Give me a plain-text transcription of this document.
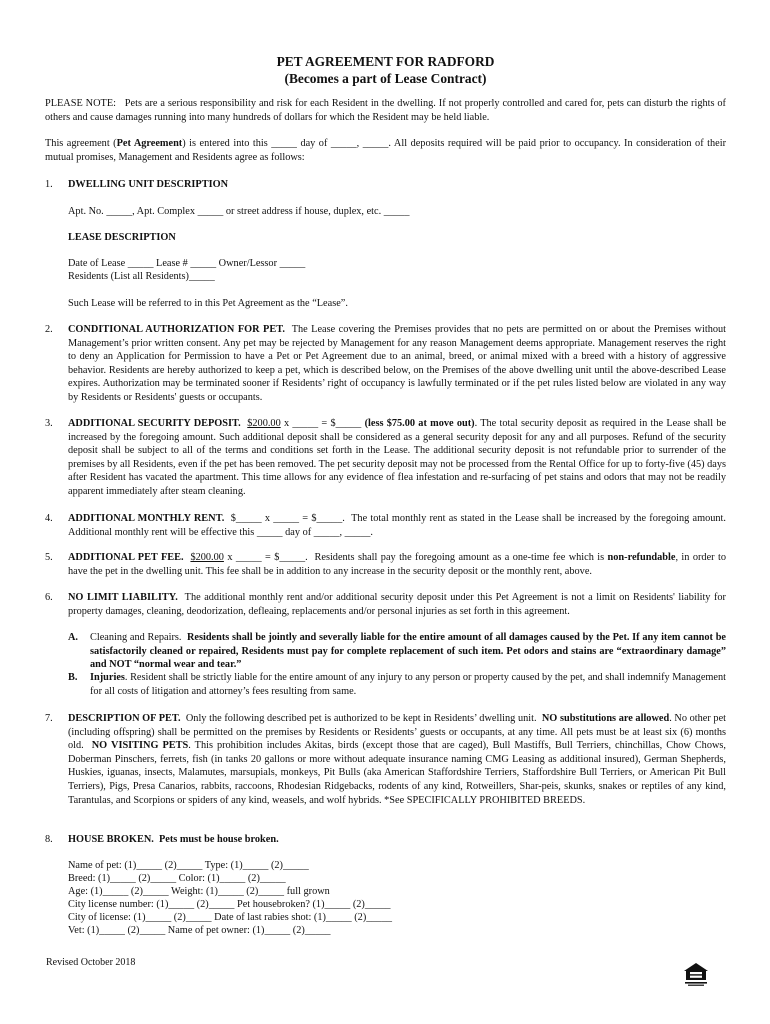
PET AGREEMENT FOR RADFORD
(Becomes a part of Lease Contract)
PLEASE NOTE: Pets are a serious responsibility and risk for each Resident in the dwelling. If not properly controlled and cared for, pets can disturb the rights of others and cause damages running into many hundreds of dollars for which the Resident may be held liable.
This agreement (Pet Agreement) is entered into this _____ day of _____, _____. All deposits required will be paid prior to occupancy. In consideration of their mutual promises, Management and Residents agree as follows:
1.	DWELLING UNIT DESCRIPTION
Apt. No. _____, Apt. Complex _____ or street address if house, duplex, etc. _____
LEASE DESCRIPTION
Date of Lease _____ Lease # _____ Owner/Lessor _____
Residents (List all Residents)_____
Such Lease will be referred to in this Pet Agreement as the “Lease”.
2.	CONDITIONAL AUTHORIZATION FOR PET. The Lease covering the Premises provides that no pets are permitted on or about the Premises without Management’s prior written consent. Any pet may be rejected by Management for any reason Management deems appropriate. Management reserves the right to deny an Application for Permission to have a Pet or Pet Agreement due to an animal, breed, or animal mixed with a breed with a history of aggressive behavior. Residents are hereby authorized to keep a pet, which is described below, on the Premises of the above dwelling unit until the above-described Lease expires. Authorization may be terminated sooner if Residents’ right of occupancy is lawfully terminated or if the pet rules listed below are violated in any way by Residents or Residents' guests or occupants.
3.	ADDITIONAL SECURITY DEPOSIT. $200.00 x _____ = $_____ (less $75.00 at move out). The total security deposit as required in the Lease shall be increased by the foregoing amount. Such additional deposit shall be considered as a general security deposit for any and all purposes. Refund of the security deposit shall be subject to all of the terms and conditions set forth in the Lease. The additional security deposit is not refundable prior to surrender of the premises by all Residents, even if the pet has been removed. The pet security deposit may not be processed from the Rental Office for up to forty-five (45) days after Resident has vacated the apartment. This time allows for any evidence of flea infestation and re-surfacing of pet stains and odors that may not be readily apparent immediately after steam cleaning.
4.	ADDITIONAL MONTHLY RENT. $_____ x _____ = $_____. The total monthly rent as stated in the Lease shall be increased by the foregoing amount. Additional monthly rent will be effective this _____ day of _____, _____.
5.	ADDITIONAL PET FEE. $200.00 x _____ = $_____. Residents shall pay the foregoing amount as a one-time fee which is non-refundable, in order to have the pet in the dwelling unit. This fee shall be in addition to any increase in the security deposit or the monthly rent, above.
6.	NO LIMIT LIABILITY. The additional monthly rent and/or additional security deposit under this Pet Agreement is not a limit on Residents' liability for property damages, cleaning, deodorization, defleaing, replacements and/or personal injuries as set forth in this agreement.
A.	Cleaning and Repairs. Residents shall be jointly and severally liable for the entire amount of all damages caused by the Pet. If any item cannot be satisfactorily cleaned or repaired, Residents must pay for complete replacement of such item. Pet odors and stains are “extraordinary damage” and NOT “normal wear and tear.”
B.	Injuries. Resident shall be strictly liable for the entire amount of any injury to any person or property caused by the pet, and shall indemnify Management for all costs of litigation and attorney’s fees resulting from same.
7.	DESCRIPTION OF PET. Only the following described pet is authorized to be kept in Residents’ dwelling unit. NO substitutions are allowed. No other pet (including offspring) shall be permitted on the premises by Residents or Residents’ guests or occupants, at any time. All pets must be at least six (6) months old. NO VISITING PETS. This prohibition includes Akitas, birds (except those that are caged), Bull Mastiffs, Bull Terriers, chinchillas, Chow Chows, Doberman Pinschers, ferrets, fish (in tanks 20 gallons or more without adequate insurance naming CMG Leasing as additional insured), German Shepherds, Huskies, iguanas, insects, Malamutes, marsupials, monkeys, Pit Bulls (aka American Staffordshire Terriers, Staffordshire Bull Terriers, or American Pit Bull Terriers), Pigs, Presa Canarios, rabbits, raccoons, Rhodesian Ridgebacks, rodents of any kind, Rotweillers, Shar-peis, skunks, snakes or reptiles of any kind, Tarantulas, and Scorpions or spiders of any kind, weasels, and wolf hybrids. *See SPECIFICALLY PROHIBITED BREEDS.
8.	HOUSE BROKEN. Pets must be house broken.
Name of pet: (1)_____ (2)_____ Type: (1)_____ (2)_____
Breed: (1)_____ (2)_____ Color: (1)_____ (2)_____
Age: (1)_____ (2)_____ Weight: (1)_____ (2)_____ full grown
City license number: (1)_____ (2)_____ Pet housebroken? (1)_____ (2)_____
City of license: (1)_____ (2)_____ Date of last rabies shot: (1)_____ (2)_____
Vet: (1)_____ (2)_____ Name of pet owner: (1)_____ (2)_____
Revised October 2018
